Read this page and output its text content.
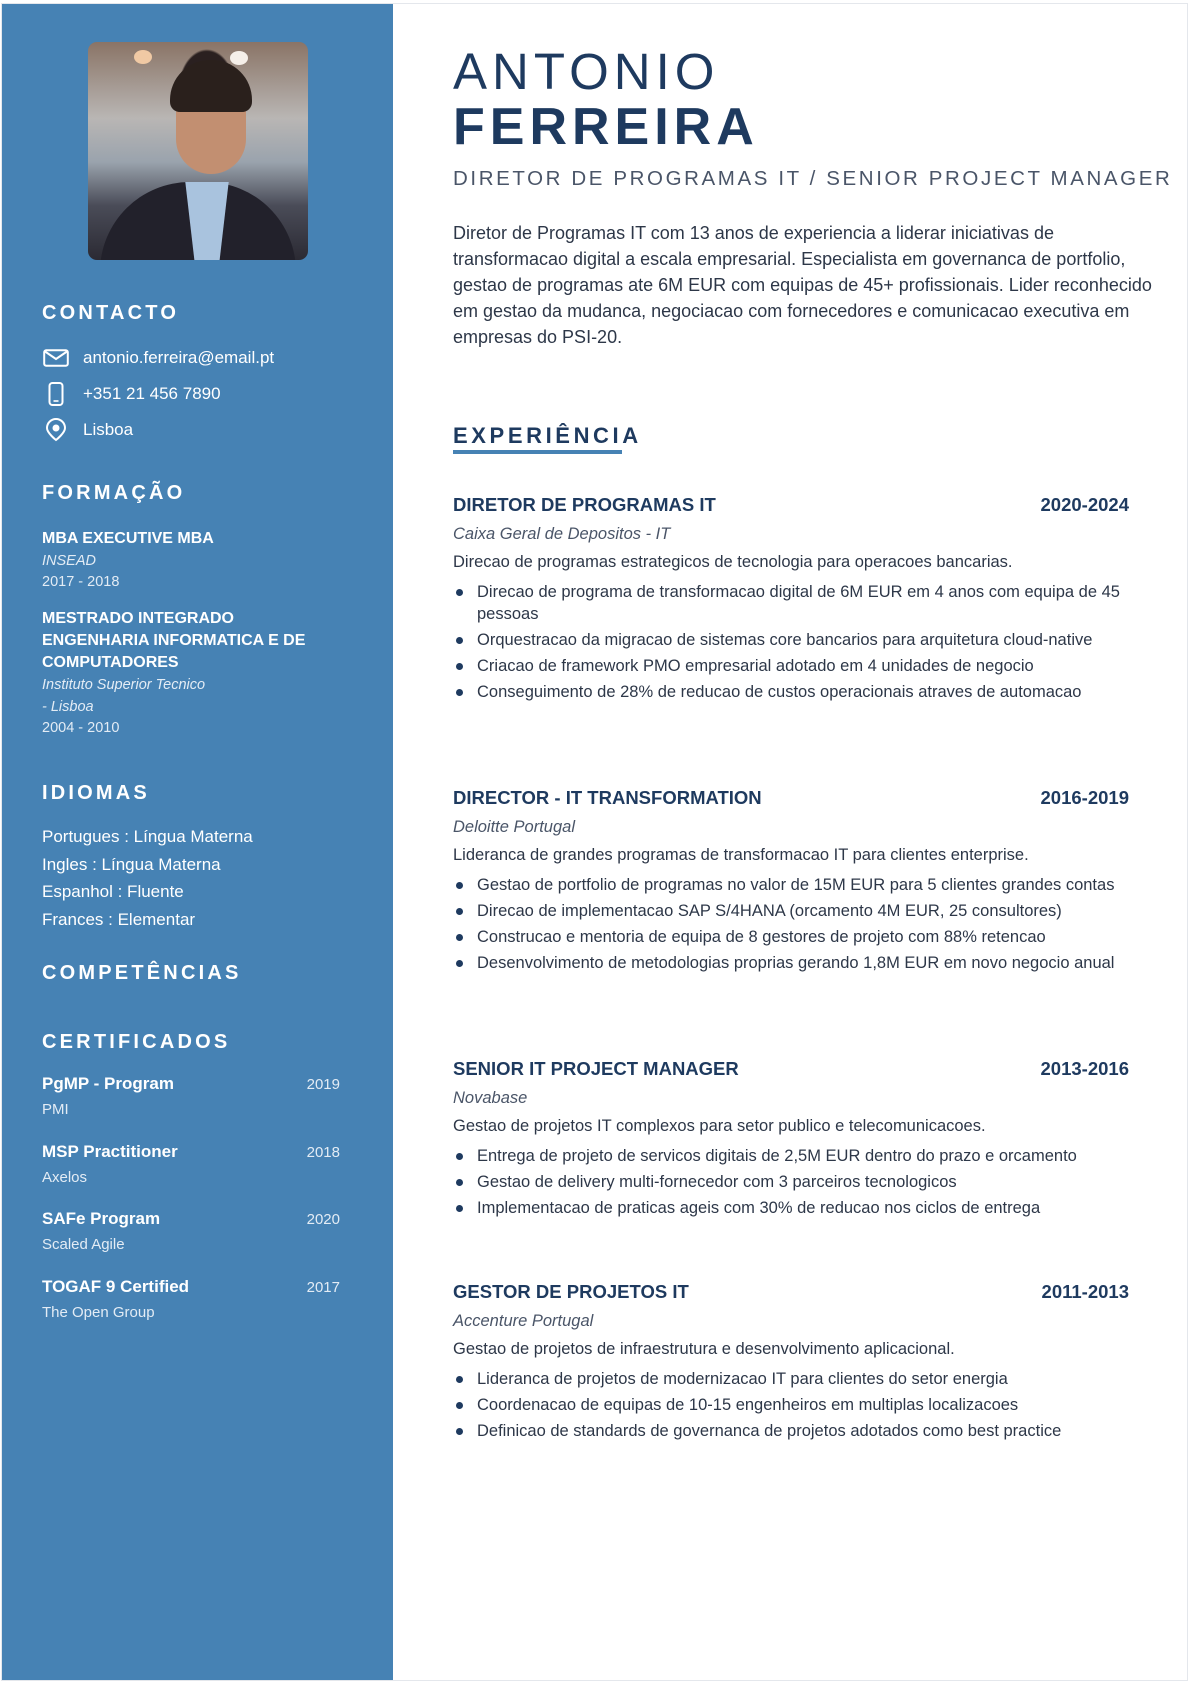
CONTACTO
antonio.ferreira@email.pt
+351 21 456 7890
Lisboa
FORMAÇÃO
MBA EXECUTIVE MBA
INSEAD
2017 - 2018
MESTRADO INTEGRADO ENGENHARIA INFORMATICA E DE COMPUTADORES
Instituto Superior Tecnico - Lisboa
2004 - 2010
IDIOMAS
Portugues : Língua Materna
Ingles : Língua Materna
Espanhol : Fluente
Frances : Elementar
COMPETÊNCIAS
CERTIFICADOS
PgMP - Program	2019
PMI
MSP Practitioner	2018
Axelos
SAFe Program	2020
Scaled Agile
TOGAF 9 Certified	2017
The Open Group
ANTONIO
FERREIRA
DIRETOR DE PROGRAMAS IT / SENIOR PROJECT MANAGER

Diretor de Programas IT com 13 anos de experiencia a liderar iniciativas de transformacao digital a escala empresarial. Especialista em governanca de portfolio, gestao de programas ate 6M EUR com equipas de 45+ profissionais. Lider reconhecido em gestao da mudanca, negociacao com fornecedores e comunicacao executiva em empresas do PSI-20.

EXPERIÊNCIA
DIRETOR DE PROGRAMAS IT	2020-2024
Caixa Geral de Depositos - IT
Direcao de programas estrategicos de tecnologia para operacoes bancarias.
Direcao de programa de transformacao digital de 6M EUR em 4 anos com equipa de 45 pessoas
Orquestracao da migracao de sistemas core bancarios para arquitetura cloud-native
Criacao de framework PMO empresarial adotado em 4 unidades de negocio
Conseguimento de 28% de reducao de custos operacionais atraves de automacao
DIRECTOR - IT TRANSFORMATION	2016-2019
Deloitte Portugal
Lideranca de grandes programas de transformacao IT para clientes enterprise.
Gestao de portfolio de programas no valor de 15M EUR para 5 clientes grandes contas
Direcao de implementacao SAP S/4HANA (orcamento 4M EUR, 25 consultores)
Construcao e mentoria de equipa de 8 gestores de projeto com 88% retencao
Desenvolvimento de metodologias proprias gerando 1,8M EUR em novo negocio anual
SENIOR IT PROJECT MANAGER	2013-2016
Novabase
Gestao de projetos IT complexos para setor publico e telecomunicacoes.
Entrega de projeto de servicos digitais de 2,5M EUR dentro do prazo e orcamento
Gestao de delivery multi-fornecedor com 3 parceiros tecnologicos
Implementacao de praticas ageis com 30% de reducao nos ciclos de entrega
GESTOR DE PROJETOS IT	2011-2013
Accenture Portugal
Gestao de projetos de infraestrutura e desenvolvimento aplicacional.
Lideranca de projetos de modernizacao IT para clientes do setor energia
Coordenacao de equipas de 10-15 engenheiros em multiplas localizacoes
Definicao de standards de governanca de projetos adotados como best practice
